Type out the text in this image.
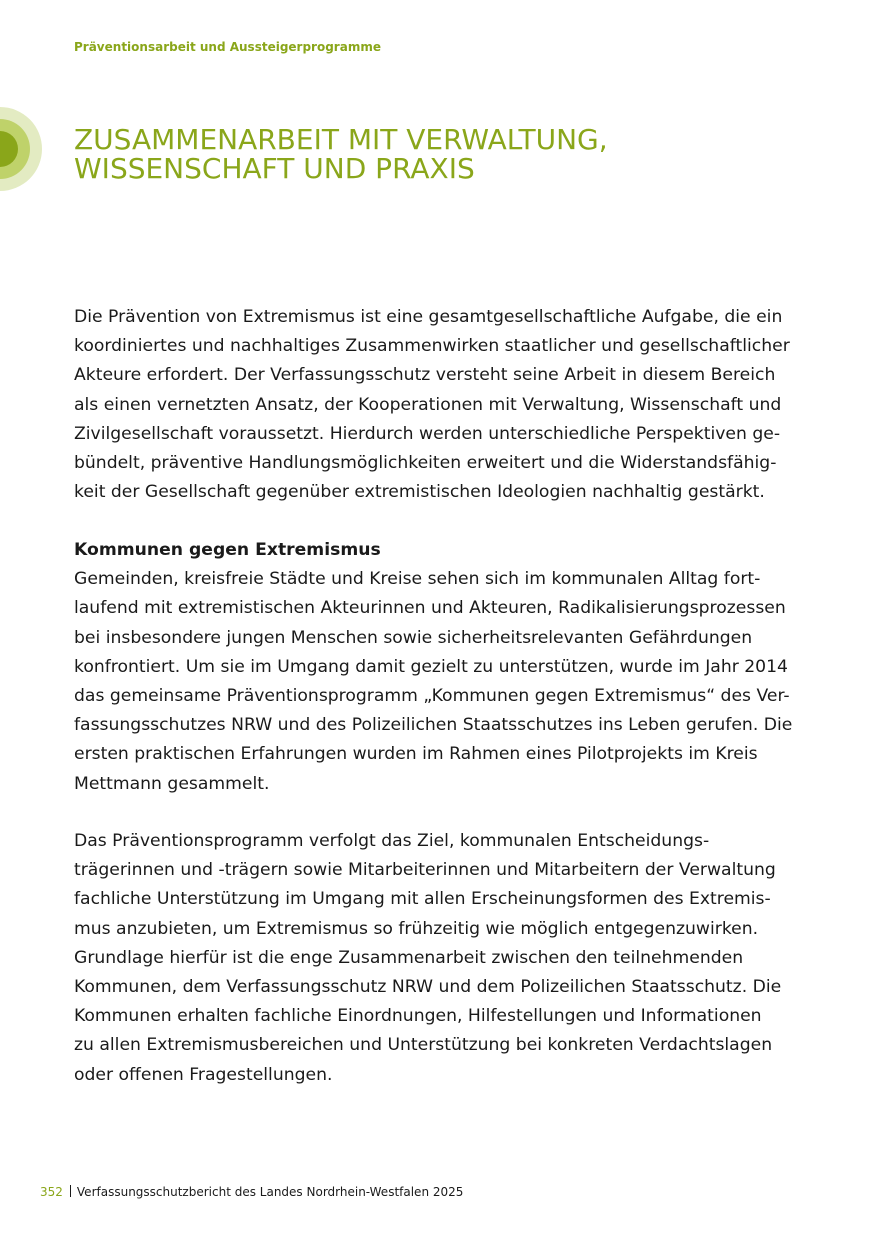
Präventionsarbeit und Aussteigerprogramme
ZUSAMMENARBEIT MIT VERWALTUNG,
WISSENSCHAFT UND PRAXIS
Die Prävention von Extremismus ist eine gesamtgesellschaftliche Aufgabe, die ein
koordiniertes und nachhaltiges Zusammenwirken staatlicher und gesellschaftlicher
Akteure erfordert. Der Verfassungsschutz versteht seine Arbeit in diesem Bereich
als einen vernetzten Ansatz, der Kooperationen mit Verwaltung, Wissenschaft und
Zivilgesellschaft voraussetzt. Hierdurch werden unterschiedliche Perspektiven ge-
bündelt, präventive Handlungsmöglichkeiten erweitert und die Widerstandsfähig-
keit der Gesellschaft gegenüber extremistischen Ideologien nachhaltig gestärkt.
Kommunen gegen Extremismus
Gemeinden, kreisfreie Städte und Kreise sehen sich im kommunalen Alltag fort-
laufend mit extremistischen Akteurinnen und Akteuren, Radikalisierungsprozessen
bei insbesondere jungen Menschen sowie sicherheitsrelevanten Gefährdungen
konfrontiert. Um sie im Umgang damit gezielt zu unterstützen, wurde im Jahr 2014
das gemeinsame Präventionsprogramm „Kommunen gegen Extremismus“ des Ver-
fassungsschutzes NRW und des Polizeilichen Staatsschutzes ins Leben gerufen. Die
ersten praktischen Erfahrungen wurden im Rahmen eines Pilotprojekts im Kreis
Mettmann gesammelt.
Das Präventionsprogramm verfolgt das Ziel, kommunalen Entscheidungs-
trägerinnen und -trägern sowie Mitarbeiterinnen und Mitarbeitern der Verwaltung
fachliche Unterstützung im Umgang mit allen Erscheinungsformen des Extremis-
mus anzubieten, um Extremismus so frühzeitig wie möglich entgegenzuwirken.
Grundlage hierfür ist die enge Zusammenarbeit zwischen den teilnehmenden
Kommunen, dem Verfassungsschutz NRW und dem Polizeilichen Staatsschutz. Die
Kommunen erhalten fachliche Einordnungen, Hilfestellungen und Informationen
zu allen Extremismusbereichen und Unterstützung bei konkreten Verdachtslagen
oder offenen Fragestellungen.
352 Verfassungsschutzbericht des Landes Nordrhein-Westfalen 2025
